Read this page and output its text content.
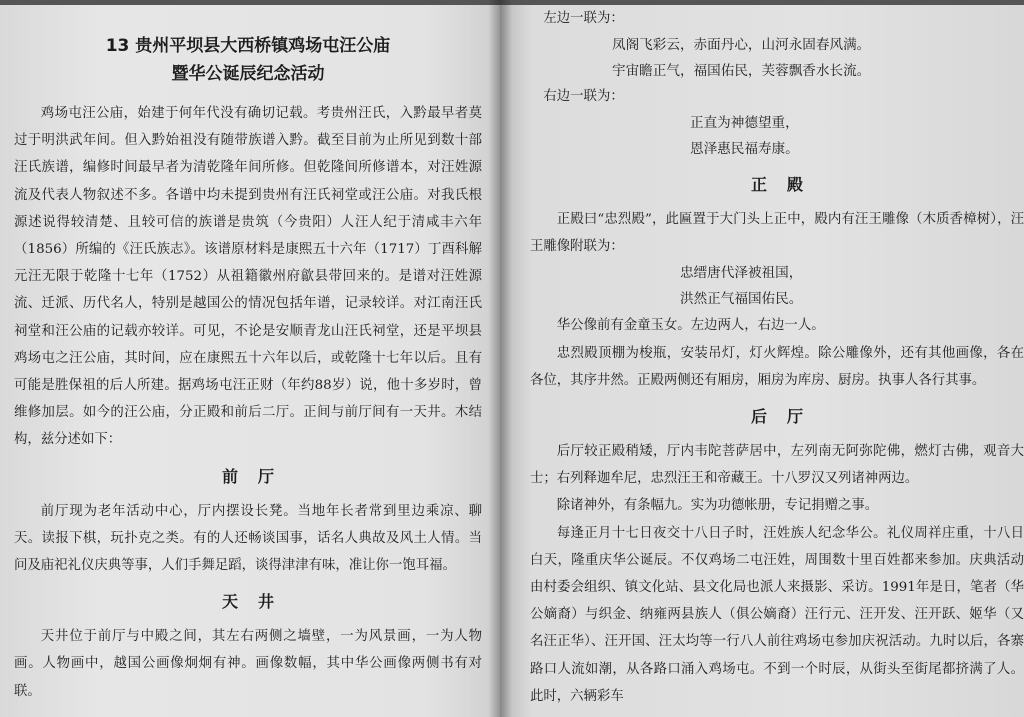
13 贵州平坝县大西桥镇鸡场屯汪公庙
暨华公诞辰纪念活动

鸡场屯汪公庙，始建于何年代没有确切记载。考贵州汪氏，入黔最早者莫过于明洪武年间。但入黔始祖没有随带族谱入黔。截至目前为止所见到数十部汪氏族谱，编修时间最早者为清乾隆年间所修。但乾隆间所修谱本，对汪姓源流及代表人物叙述不多。各谱中均未提到贵州有汪氏祠堂或汪公庙。对我氏根源述说得较清楚、且较可信的族谱是贵筑（今贵阳）人汪人纪于清咸丰六年（1856）所编的《汪氏族志》。该谱原材料是康熙五十六年（1717）丁酉科解元汪无限于乾隆十七年（1752）从祖籍徽州府歙县带回来的。是谱对汪姓源流、迁派、历代名人，特别是越国公的情况包括年谱，记录较详。对江南汪氏祠堂和汪公庙的记载亦较详。可见，不论是安顺青龙山汪氏祠堂，还是平坝县鸡场屯之汪公庙，其时间，应在康熙五十六年以后，或乾隆十七年以后。且有可能是胜保祖的后人所建。据鸡场屯汪正财（年约88岁）说，他十多岁时，曾维修加层。如今的汪公庙，分正殿和前后二厅。正间与前厅间有一天井。木结构，兹分述如下：

前厅

前厅现为老年活动中心，厅内摆设长凳。当地年长者常到里边乘凉、聊天。读报下棋，玩扑克之类。有的人还畅谈国事，话名人典故及风土人情。当问及庙祀礼仪庆典等事，人们手舞足蹈，谈得津津有味，准让你一饱耳福。

天井

天井位于前厅与中殿之间，其左右两侧之墙壁，一为风景画，一为人物画。人物画中，越国公画像炯炯有神。画像数幅，其中华公画像两侧书有对联。

左边一联为：

凤阁飞彩云，赤面丹心，山河永固春风满。

宇宙瞻正气，福国佑民，芙蓉飘香水长流。

右边一联为：

正直为神德望重，

恩泽惠民福寿康。

正殿

正殿曰“忠烈殿”，此匾置于大门头上正中，殿内有汪王雕像（木质香樟树），汪王雕像附联为：

忠缙唐代泽被祖国，

洪然正气福国佑民。

华公像前有金童玉女。左边两人，右边一人。

忠烈殿顶棚为梭瓶，安装吊灯，灯火辉煌。除公雕像外，还有其他画像，各在各位，其序井然。正殿两侧还有厢房，厢房为库房、厨房。执事人各行其事。

后厅

后厅较正殿稍矮，厅内韦陀菩萨居中，左列南无阿弥陀佛，燃灯古佛，观音大士；右列释迦牟尼，忠烈汪王和帝藏王。十八罗汉又列诸神两边。

除诸神外，有条幅九。实为功德帐册，专记捐赠之事。

每逢正月十七日夜交十八日子时，汪姓族人纪念华公。礼仪周祥庄重，十八日白天，隆重庆华公诞辰。不仅鸡场二屯汪姓，周围数十里百姓都来参加。庆典活动由村委会组织、镇文化站、县文化局也派人来摄影、采访。1991年是日，笔者（华公嫡裔）与织金、纳雍两县族人（俱公嫡裔）汪行元、汪开发、汪开跃、姬华（又名汪正华）、汪开国、汪太均等一行八人前往鸡场屯参加庆祝活动。九时以后，各寨路口人流如潮，从各路口涌入鸡场屯。不到一个时辰，从街头至街尾都挤满了人。此时，六辆彩车
